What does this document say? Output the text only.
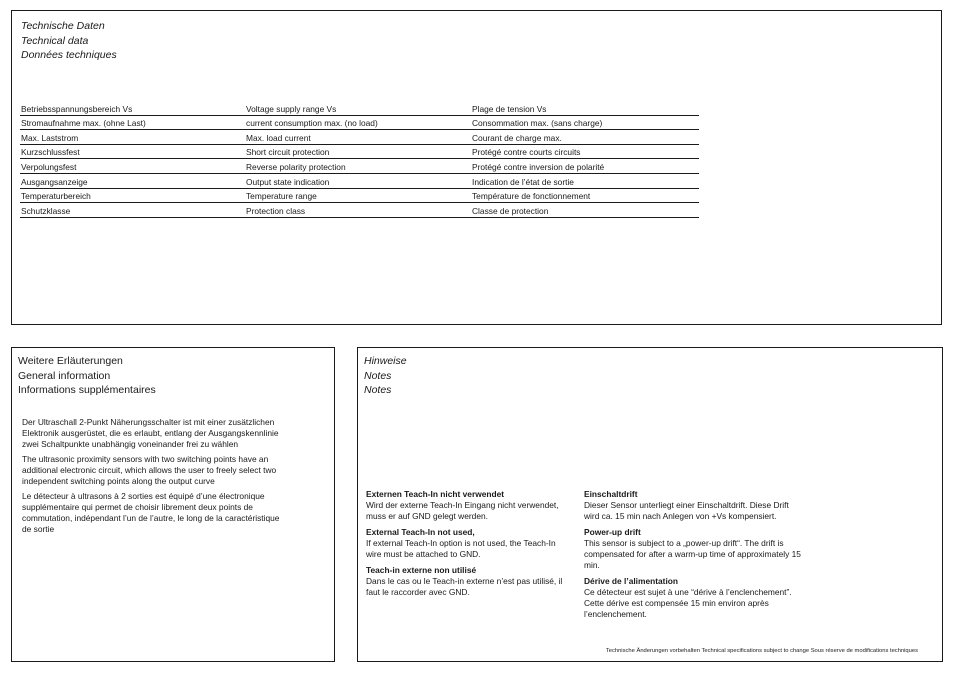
Technische Daten
Technical data
Données techniques
Betriebsspannungsbereich Vs	Voltage supply range Vs	Plage de tension Vs
Stromaufnahme max. (ohne Last)	current consumption max. (no load)	Consommation max. (sans charge)
Max. Laststrom	Max. load current	Courant de charge max.
Kurzschlussfest	Short circuit protection	Protégé contre courts circuits
Verpolungsfest	Reverse polarity protection	Protégé contre inversion de polarité
Ausgangsanzeige	Output state indication	Indication de l’état de sortie
Temperaturbereich	Temperature range	Température de fonctionnement
Schutzklasse	Protection class	Classe de protection
Weitere Erläuterungen
General information
Informations supplémentaires

Der Ultraschall 2-Punkt Näherungsschalter ist mit einer zusätzlichen Elektronik ausgerüstet, die es erlaubt, entlang der Ausgangskennlinie zwei Schaltpunkte unabhängig voneinander frei zu wählen

The ultrasonic proximity sensors with two switching points have an additional electronic circuit, which allows the user to freely select two independent switching points along the output curve

Le détecteur à ultrasons à 2 sorties est équipé d’une électronique supplémentaire qui permet de choisir librement deux points de commutation, indépendant l’un de l’autre, le long de la caractéristique de sortie

Hinweise
Notes
Notes

Externen Teach-In nicht verwendet
Wird der externe Teach-In Eingang nicht verwendet, muss er auf GND gelegt werden.

External Teach-In not used,
If external Teach-In option is not used, the Teach-In wire must be attached to GND.

Teach-in externe non utilisé
Dans le cas ou le Teach-in externe n’est pas utilisé, il faut le raccorder avec GND.

Einschaltdrift
Dieser Sensor unterliegt einer Einschaltdrift. Diese Drift wird ca. 15 min nach Anlegen von +Vs kompensiert.

Power-up drift
This sensor is subject to a „power-up drift“. The drift is compensated for after a warm-up time of approximately 15 min.

Dérive de l’alimentation
Ce détecteur est sujet à une “dérive à l’enclenchement”. Cette dérive est compensée 15 min environ après l’enclenchement.

Technische Änderungen vorbehalten Technical specifications subject to change Sous réserve de modifications techniques
